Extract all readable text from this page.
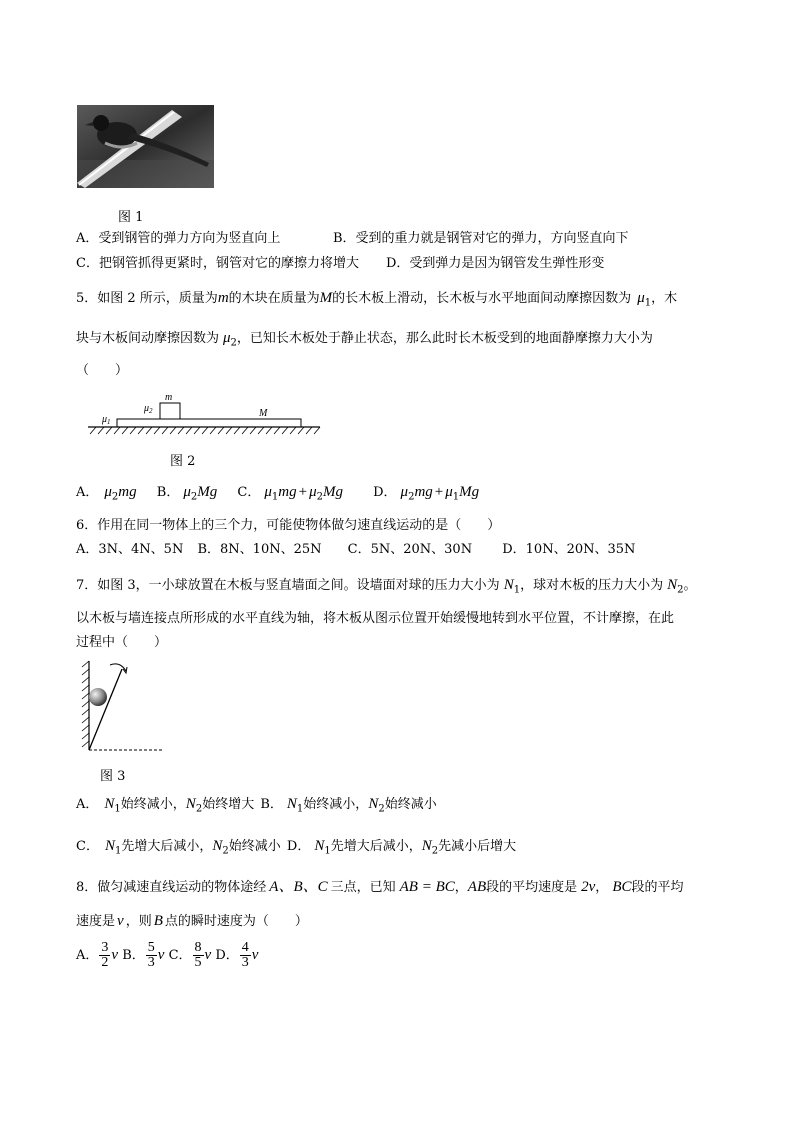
图 1
A．受到钢管的弹力方向为竖直向上	B．受到的重力就是钢管对它的弹力，方向竖直向下
C．把钢管抓得更紧时，钢管对它的摩擦力将增大 D．受到弹力是因为钢管发生弹性形变
5．如图 2 所示，质量为m的木块在质量为M的长木板上滑动，长木板与水平地面间动摩擦因数为 $\mu_1$，木
块与木板间动摩擦因数为 $\mu_2$，已知长木板处于静止状态，那么此时长木板受到的地面静摩擦力大小为
（　　）
$\mu_1$
$\mu_2$
m
M
图 2
A． $\mu_2mg$ B． $\mu_2Mg$ C． $\mu_1mg + \mu_2Mg$ D． $\mu_2mg + \mu_1Mg$
6．作用在同一物体上的三个力，可能使物体做匀速直线运动的是（　　）
A．3N、4N、5N B．8N、10N、25N C．5N、20N、30N D．10N、20N、35N
7．如图 3，一小球放置在木板与竖直墙面之间。设墙面对球的压力大小为 $N_1$，球对木板的压力大小为 $N_2$。
以木板与墙连接点所形成的水平直线为轴，将木板从图示位置开始缓慢地转到水平位置，不计摩擦，在此
过程中（　　）
图 3
A． $N_1$始终减小，$N_2$始终增大 B． $N_1$始终减小，$N_2$始终减小
C． $N_1$先增大后减小，$N_2$始终减小 D． $N_1$先增大后减小，$N_2$先减小后增大
8．做匀减速直线运动的物体途经 A、B、C 三点，已知 AB = BC，AB段的平均速度是 2v， BC段的平均
速度是 v ，则 B 点的瞬时速度为（　　）
A． $\frac{3}{2}$ v B． $\frac{5}{3}$ v C． $\frac{8}{5}$ v D． $\frac{4}{3}$ v
